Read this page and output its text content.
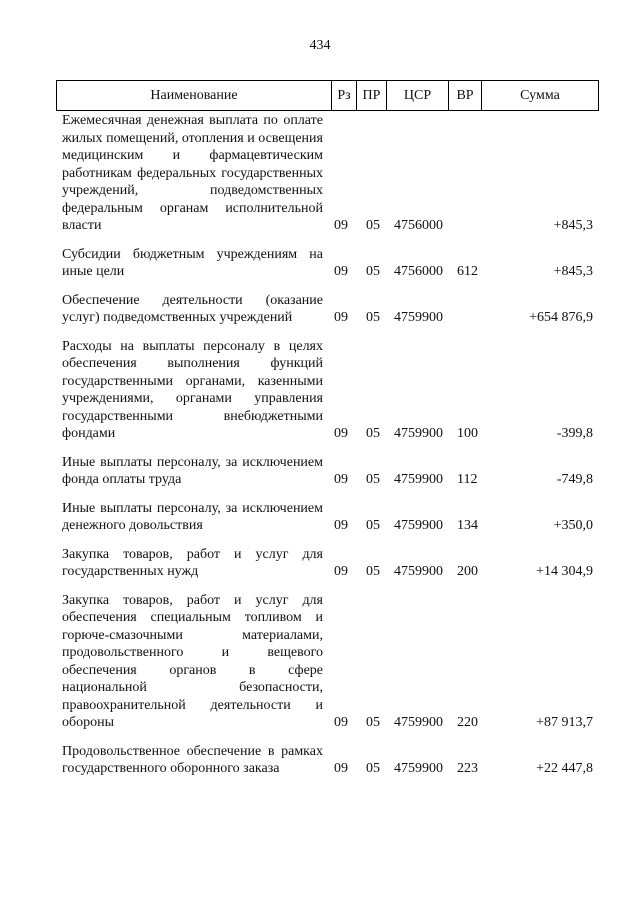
434
Наименование	Рз ПР	ЦСР	ВР	Сумма
Ежемесячная денежная выплата по оплате жилых помещений, отопления и освещения медицинским и фармацевтическим работникам федеральных государственных учреждений, подведомственных федеральным органам исполнительной власти	09 05 4756000	+845,3
Субсидии бюджетным учреждениям на иные цели	09 05 4756000 612	+845,3
Обеспечение деятельности (оказание услуг) подведомственных учреждений	09 05 4759900	+654 876,9
Расходы на выплаты персоналу в целях обеспечения выполнения функций государственными органами, казенными учреждениями, органами управления государственными внебюджетными фондами	09 05 4759900 100	-399,8
Иные выплаты персоналу, за исключением фонда оплаты труда	09 05 4759900 112	-749,8
Иные выплаты персоналу, за исключением денежного довольствия	09 05 4759900 134	+350,0
Закупка товаров, работ и услуг для государственных нужд	09 05 4759900 200	+14 304,9
Закупка товаров, работ и услуг для обеспечения специальным топливом и горюче-смазочными материалами, продовольственного и вещевого обеспечения органов в сфере национальной безопасности, правоохранительной деятельности и обороны	09 05 4759900 220	+87 913,7
Продовольственное обеспечение в рамках государственного оборонного заказа	09 05 4759900 223	+22 447,8
